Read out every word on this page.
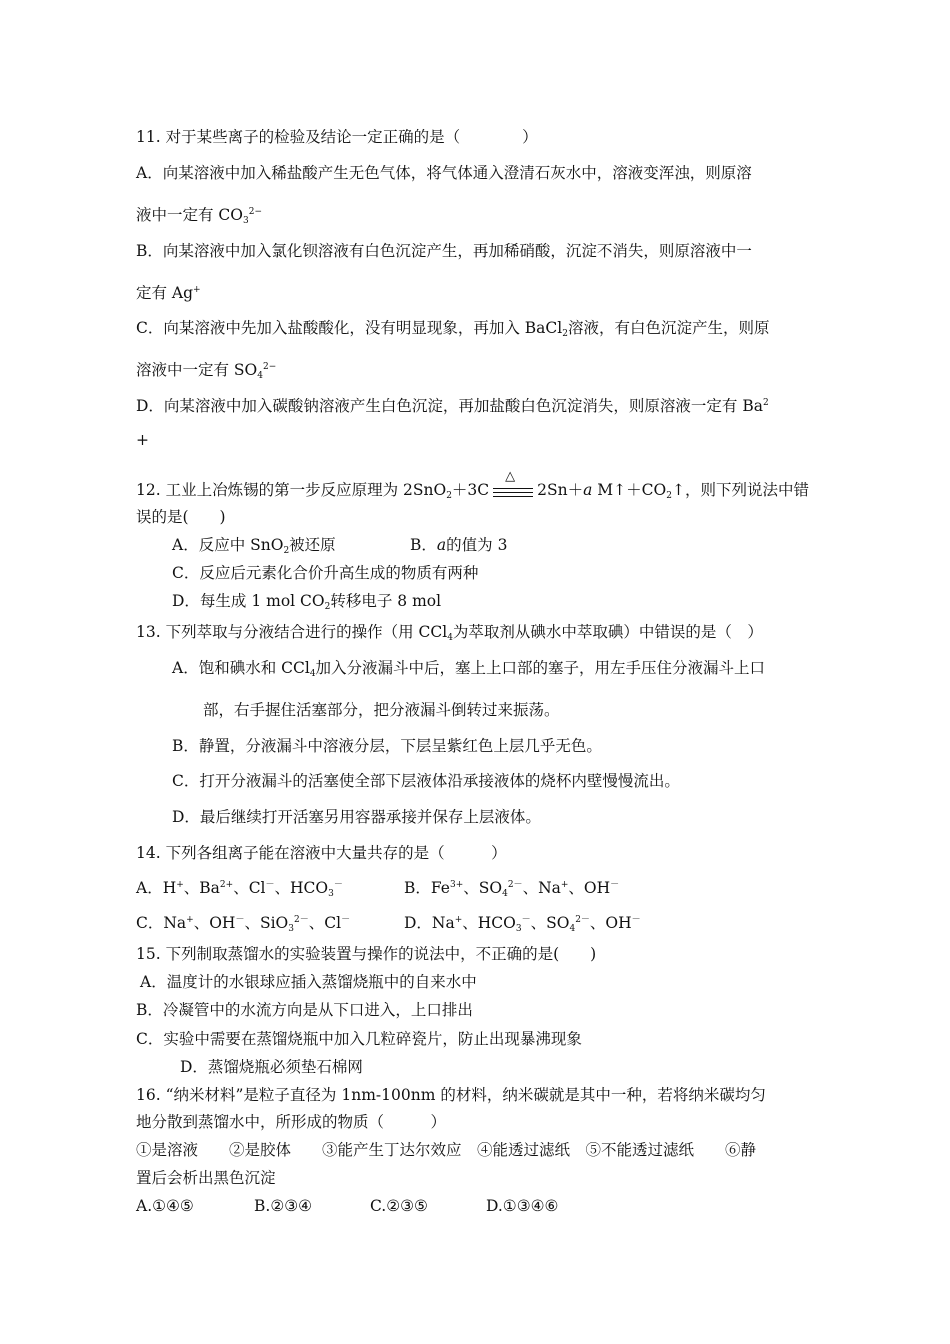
11. 对于某些离子的检验及结论一定正确的是（　　　　）
A．向某溶液中加入稀盐酸产生无色气体，将气体通入澄清石灰水中，溶液变浑浊，则原溶
液中一定有 $CO_3^{2-}$
B．向某溶液中加入氯化钡溶液有白色沉淀产生，再加稀硝酸，沉淀不消失，则原溶液中一
定有 Ag+
C．向某溶液中先加入盐酸酸化，没有明显现象，再加入 BaCl$_2$溶液，有白色沉淀产生，则原
溶液中一定有 $SO_4^{2-}$
D．向某溶液中加入碳酸钠溶液产生白色沉淀，再加盐酸白色沉淀消失，则原溶液一定有 $Ba^2$
+
12. 工业上冶炼锡的第一步反应原理为 2SnO$_2$＋3C
△
2Sn＋a $M↑+CO_2↑$，则下列说法中错
误的是(　　)
A．反应中 SnO$_2$被还原	B．a的值为 3
C．反应后元素化合价升高生成的物质有两种
D．每生成 1 mol $CO_2$转移电子 8 mol
13. 下列萃取与分液结合进行的操作（用 CCl$_4$为萃取剂从碘水中萃取碘）中错误的是（　）
A．饱和碘水和 CCl$_4$加入分液漏斗中后，塞上上口部的塞子，用左手压住分液漏斗上口
部，右手握住活塞部分，把分液漏斗倒转过来振荡。
B．静置，分液漏斗中溶液分层，下层呈紫红色上层几乎无色。
C．打开分液漏斗的活塞使全部下层液体沿承接液体的烧杯内壁慢慢流出。
D．最后继续打开活塞另用容器承接并保存上层液体。
14. 下列各组离子能在溶液中大量共存的是（　　　）
A．H+、$Ba^{2+}$、Cl－、$HCO_3^-$	B．$Fe^{3+}$、$SO_4^{2-}$、Na+、OH－
C．Na+、OH－、SiO$_3^{2-}$、Cl－	D．Na+、$HCO_3^-$、$SO_4^{2-}$、OH－
15. 下列制取蒸馏水的实验装置与操作的说法中，不正确的是(　　)
A．温度计的水银球应插入蒸馏烧瓶中的自来水中
B．冷凝管中的水流方向是从下口进入，上口排出
C．实验中需要在蒸馏烧瓶中加入几粒碎瓷片，防止出现暴沸现象
D．蒸馏烧瓶必须垫石棉网
16. “纳米材料”是粒子直径为 1nm-100nm 的材料，纳米碳就是其中一种，若将纳米碳均匀
地分散到蒸馏水中，所形成的物质（　　　）
①是溶液　　②是胶体　　③能产生丁达尔效应　④能透过滤纸　⑤不能透过滤纸　　⑥静
置后会析出黑色沉淀
A.①④⑤	B.②③④	C.②③⑤	D.①③④⑥
